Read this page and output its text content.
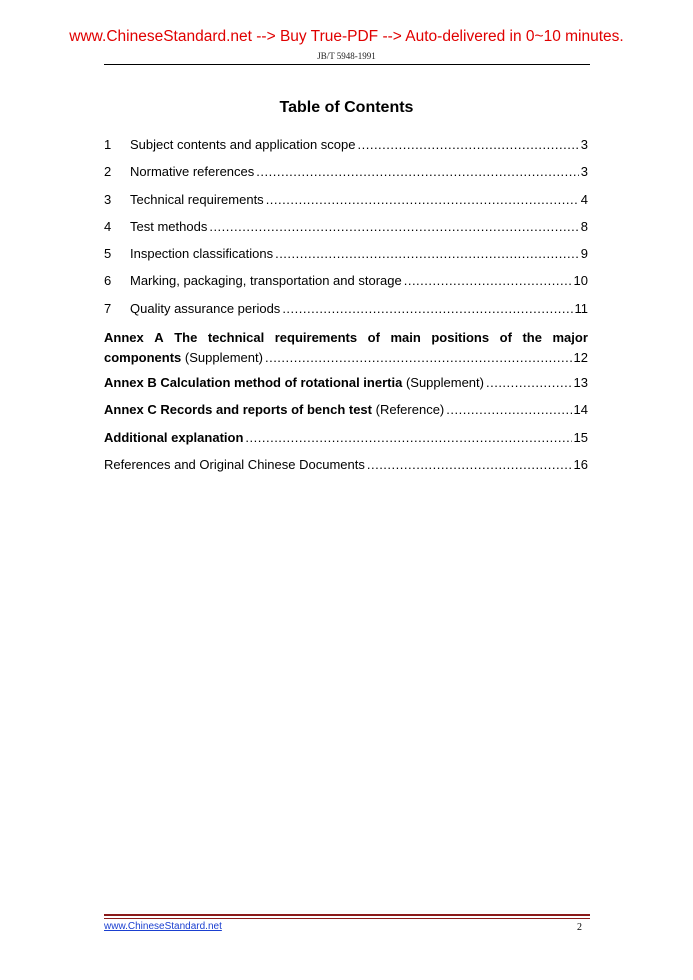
www.ChineseStandard.net --> Buy True-PDF --> Auto-delivered in 0~10 minutes.
JB/T 5948-1991
Table of Contents
1	Subject contents and application scope .....	3
2	Normative references .....	3
3	Technical requirements .....	4
4	Test methods .....	8
5	Inspection classifications .....	9
6	Marking, packaging, transportation and storage .....	10
7	Quality assurance periods .....	11
Annex A The technical requirements of main positions of the major
components
(Supplement) .....	12
Annex B Calculation method of rotational inertia (Supplement) .....	13
Annex C Records and reports of bench test (Reference) .....	14
Additional explanation .....	15
References and Original Chinese Documents .....	16
www.ChineseStandard.net	2
